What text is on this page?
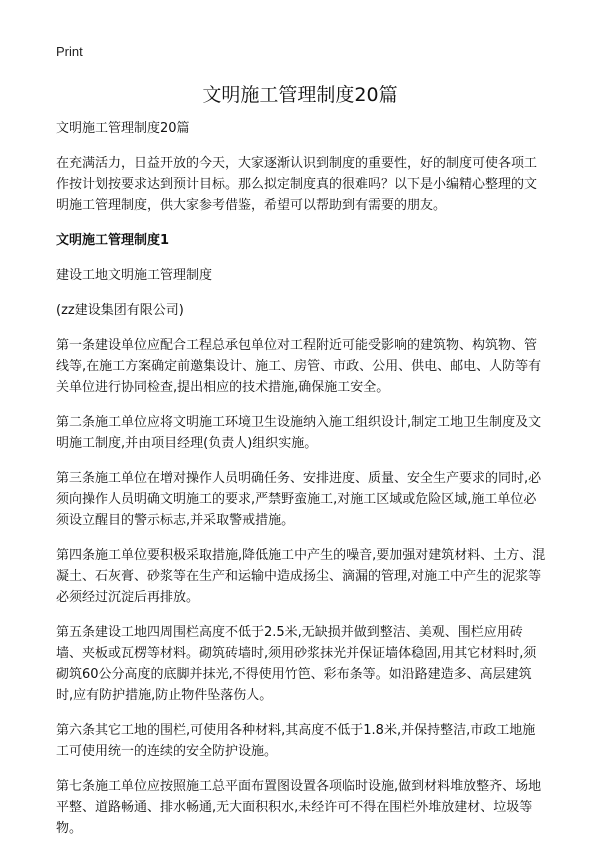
Print
文明施工管理制度20篇

文明施工管理制度20篇

在充满活力，日益开放的今天，大家逐渐认识到制度的重要性，好的制度可使各项工作按计划按要求达到预计目标。那么拟定制度真的很难吗？以下是小编精心整理的文明施工管理制度，供大家参考借鉴，希望可以帮助到有需要的朋友。

文明施工管理制度1

建设工地文明施工管理制度

(zz建设集团有限公司)

第一条建设单位应配合工程总承包单位对工程附近可能受影响的建筑物、构筑物、管线等,在施工方案确定前邀集设计、施工、房管、市政、公用、供电、邮电、人防等有关单位进行协同检查,提出相应的技术措施,确保施工安全。

第二条施工单位应将文明施工环境卫生设施纳入施工组织设计,制定工地卫生制度及文明施工制度,并由项目经理(负责人)组织实施。

第三条施工单位在增对操作人员明确任务、安排进度、质量、安全生产要求的同时,必须向操作人员明确文明施工的要求,严禁野蛮施工,对施工区域或危险区域,施工单位必须设立醒目的警示标志,并采取警戒措施。

第四条施工单位要积极采取措施,降低施工中产生的噪音,要加强对建筑材料、土方、混凝土、石灰膏、砂浆等在生产和运输中造成扬尘、滴漏的管理,对施工中产生的泥浆等必须经过沉淀后再排放。

第五条建设工地四周围栏高度不低于2.5米,无缺损并做到整洁、美观、围栏应用砖墙、夹板或瓦楞等材料。砌筑砖墙时,须用砂浆抹光并保证墙体稳固,用其它材料时,须砌筑60公分高度的底脚并抹光,不得使用竹笆、彩布条等。如沿路建造多、高层建筑时,应有防护措施,防止物件坠落伤人。

第六条其它工地的围栏,可使用各种材料,其高度不低于1.8米,并保持整洁,市政工地施工可使用统一的连续的安全防护设施。

第七条施工单位应按照施工总平面布置图设置各项临时设施,做到材料堆放整齐、场地平整、道路畅通、排水畅通,无大面积积水,未经许可不得在围栏外堆放建材、垃圾等物。
